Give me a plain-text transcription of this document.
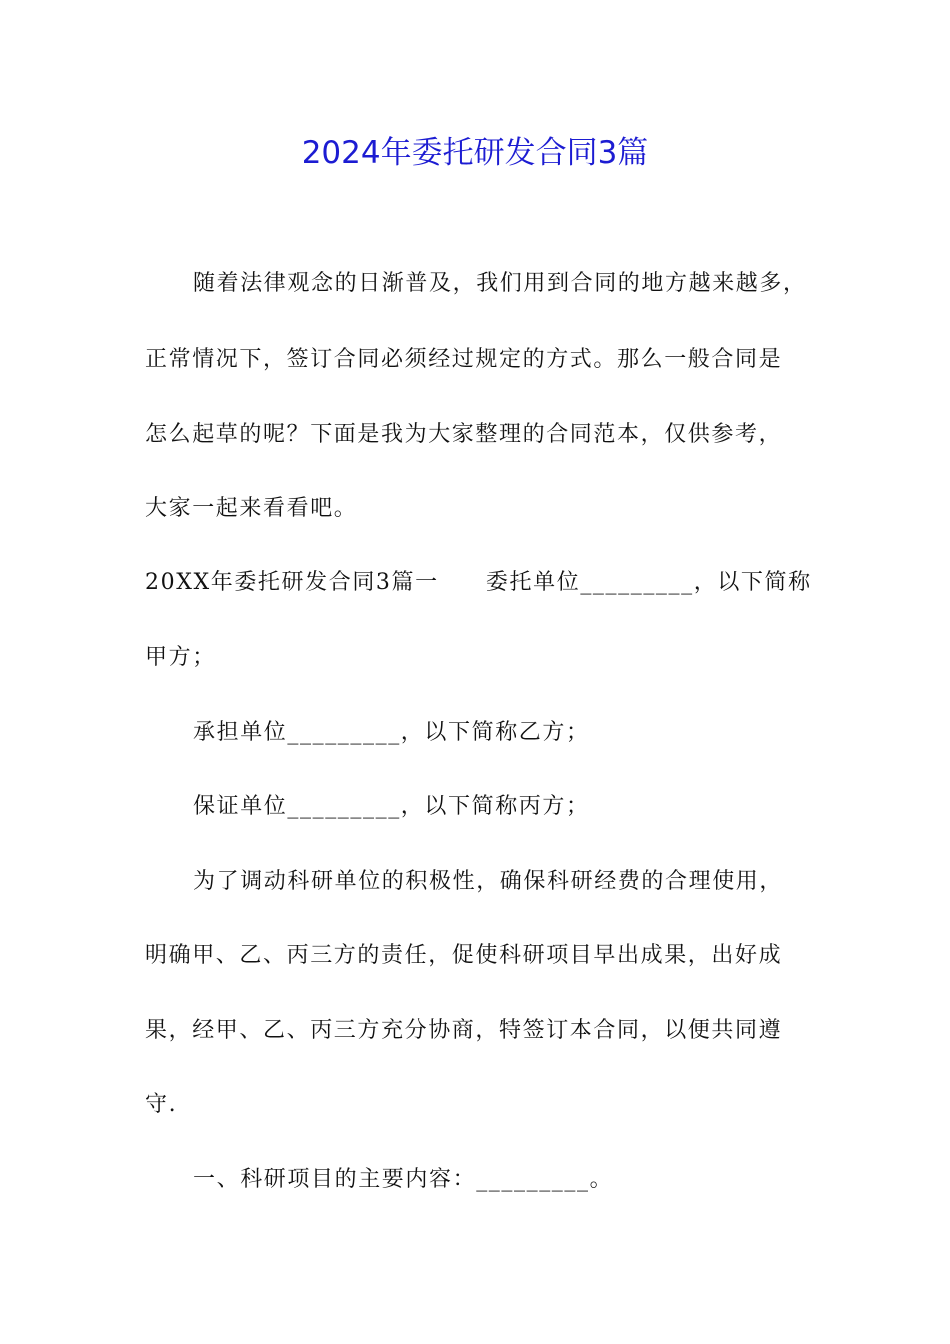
2024年委托研发合同3篇
随着法律观念的日渐普及，我们用到合同的地方越来越多，
正常情况下，签订合同必须经过规定的方式。那么一般合同是
怎么起草的呢？下面是我为大家整理的合同范本，仅供参考，
大家一起来看看吧。
20XX年委托研发合同3篇一　　委托单位_________，以下简称
甲方；
承担单位_________，以下简称乙方；
保证单位_________，以下简称丙方；
为了调动科研单位的积极性，确保科研经费的合理使用，
明确甲、乙、丙三方的责任，促使科研项目早出成果，出好成
果，经甲、乙、丙三方充分协商，特签订本合同，以便共同遵
守.
一、科研项目的主要内容：_________。
